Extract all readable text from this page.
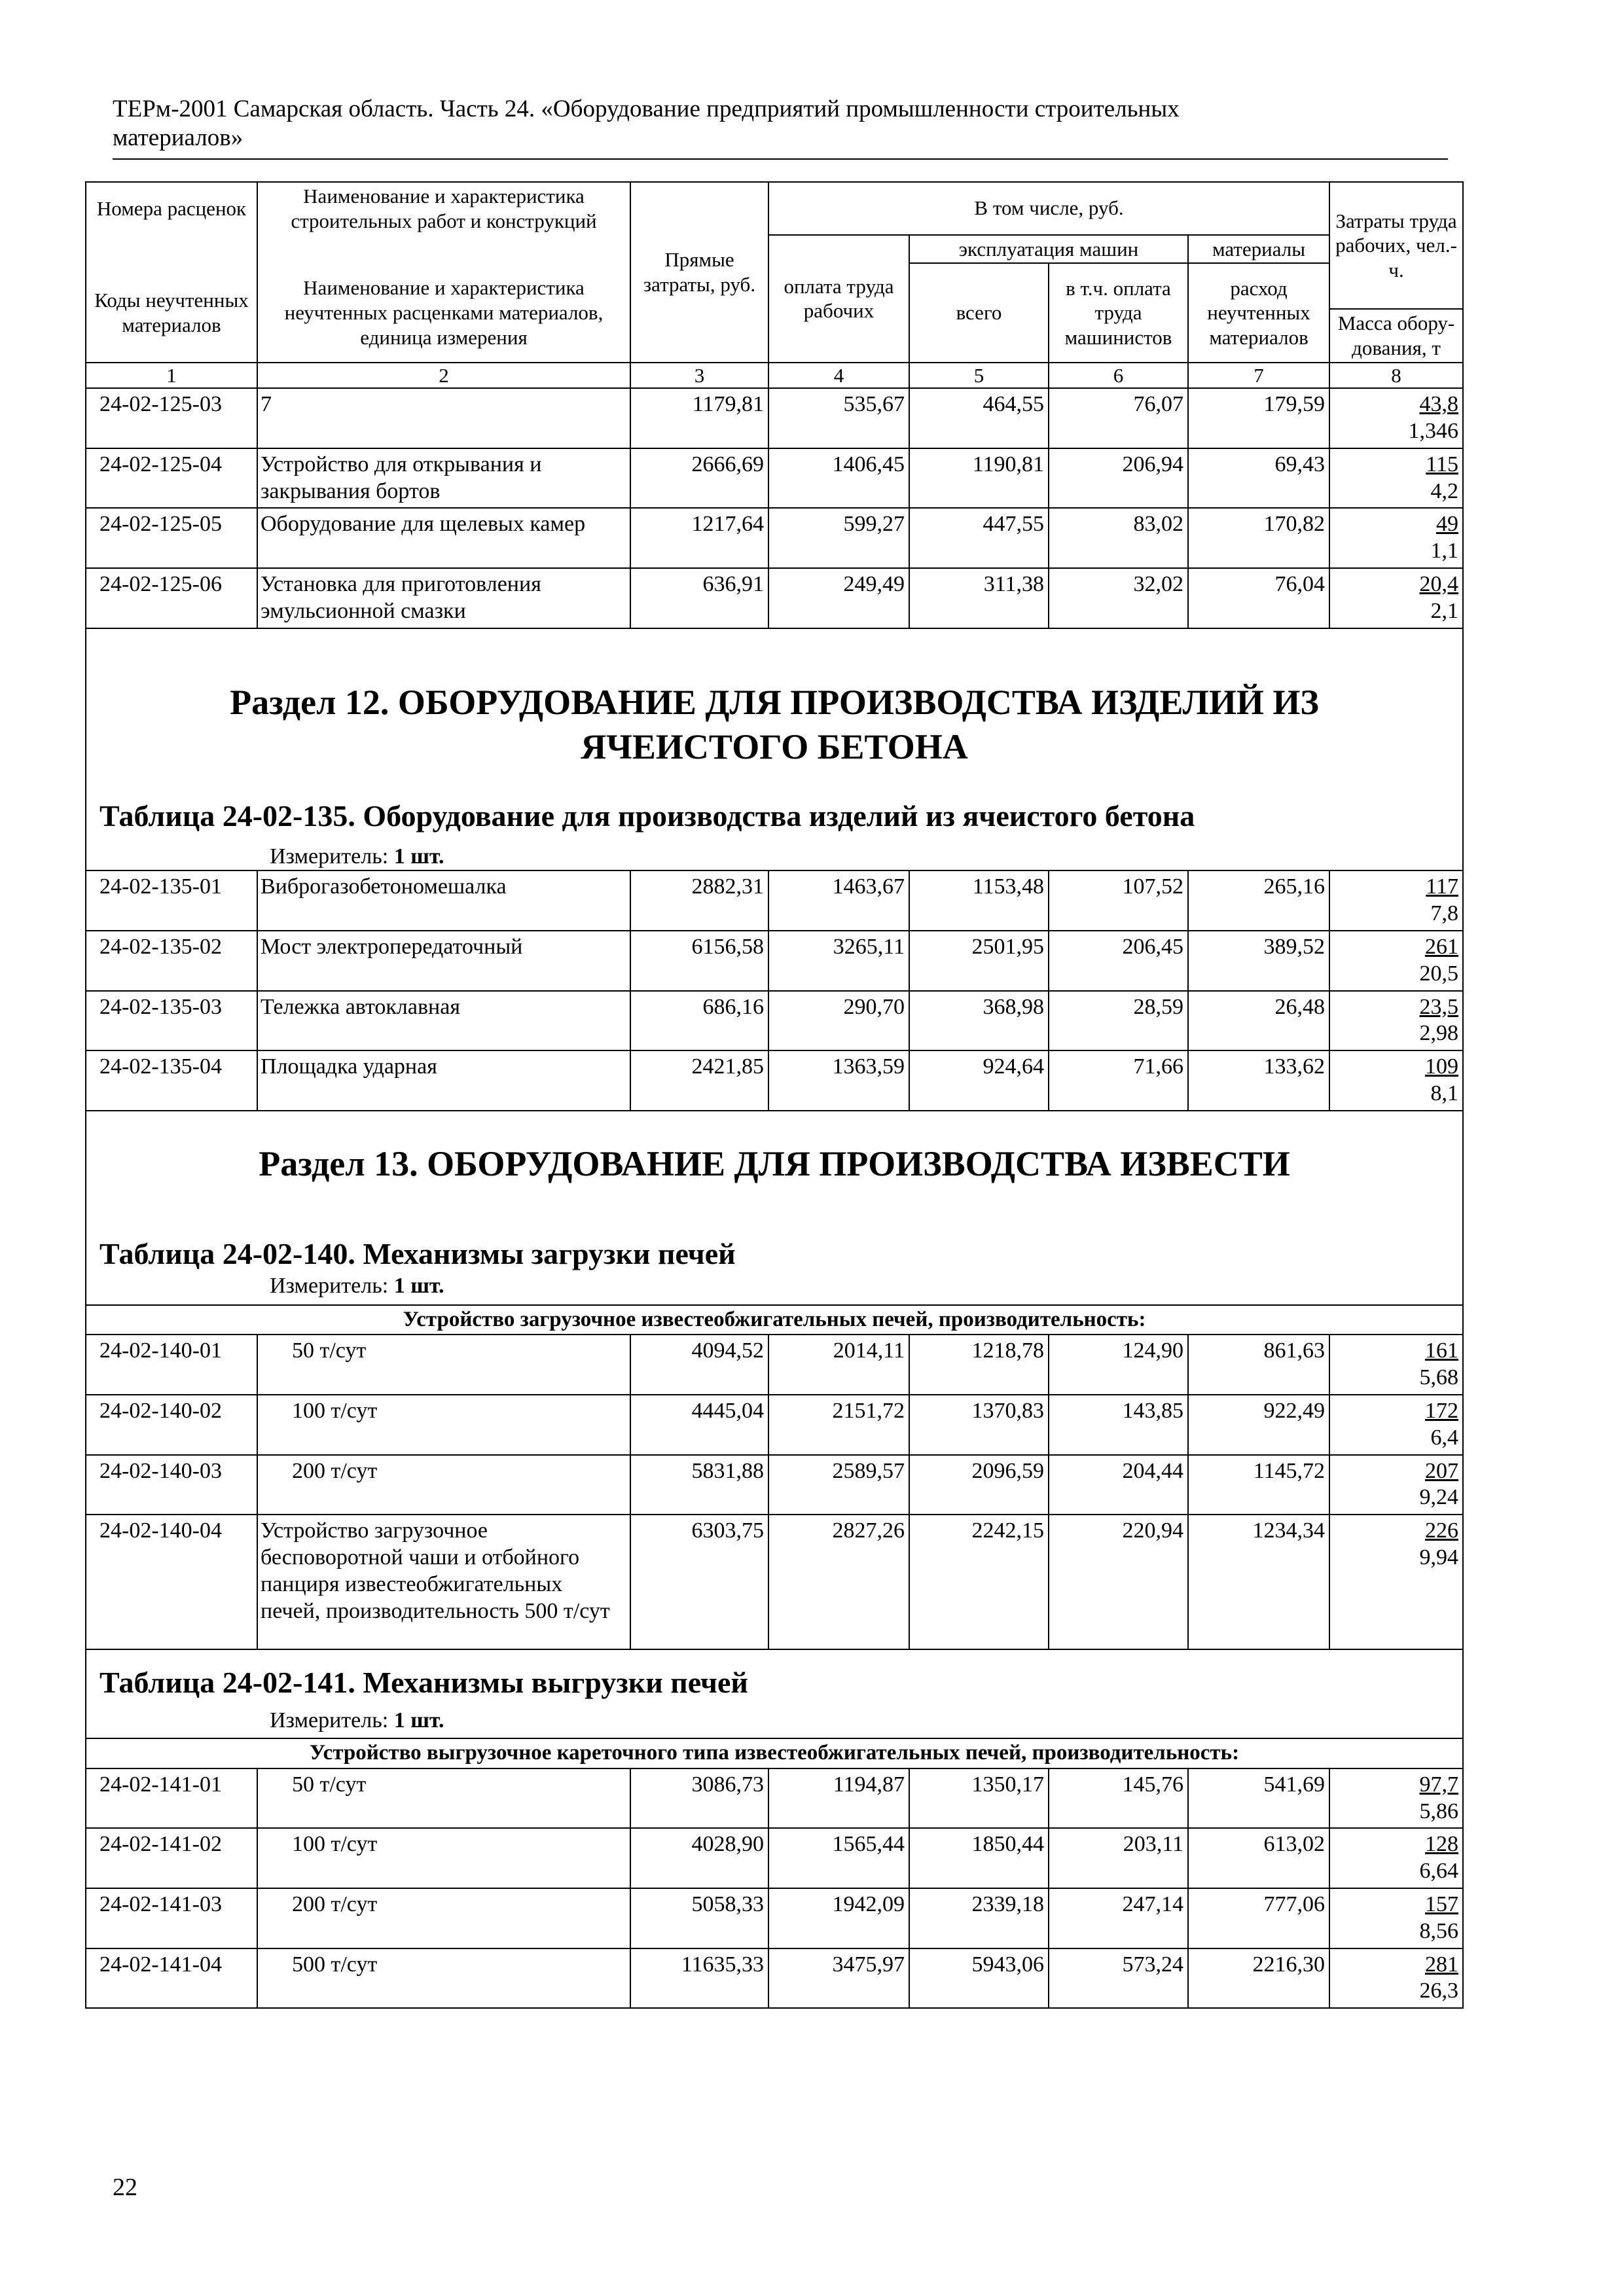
ТЕРм-2001 Самарская область. Часть 24. «Оборудование предприятий промышленности строительных
материалов»
Номера расценок	Наименование и характеристика строительных работ и конструкций	Прямые затраты, руб.	В том числе, руб.				Затраты труда рабочих, чел.-ч.
			оплата труда рабочих	эксплуатация машин		материалы	
Коды неучтенных материалов	Наименование и характеристика неучтенных расценками материалов, единица измерения			всего	в т.ч. оплата труда машинистов	расход неучтенных материалов	
							Масса обору-дования, т
1	2	3	4	5	6	7	8
24-02-125-03	7	1179,81	535,67	464,55	76,07	179,59	43,8
1,346

24-02-125-04	Устройство для открывания и закрывания бортов	2666,69	1406,45	1190,81	206,94	69,43	115
4,2

24-02-125-05	Оборудование для щелевых камер	1217,64	599,27	447,55	83,02	170,82	49
1,1

24-02-125-06	Установка для приготовления эмульсионной смазки	636,91	249,49	311,38	32,02	76,04	20,4
2,1

Раздел 12. ОБОРУДОВАНИЕ ДЛЯ ПРОИЗВОДСТВА ИЗДЕЛИЙ ИЗ ЯЧЕИСТОГО БЕТОНА							

Таблица 24-02-135. Оборудование для производства изделий из ячеистого бетона							

Измеритель: 1 шт.							

24-02-135-01	Виброгазобетономешалка	2882,31	1463,67	1153,48	107,52	265,16	117
7,8

24-02-135-02	Мост электропередаточный	6156,58	3265,11	2501,95	206,45	389,52	261
20,5

24-02-135-03	Тележка автоклавная	686,16	290,70	368,98	28,59	26,48	23,5
2,98

24-02-135-04	Площадка ударная	2421,85	1363,59	924,64	71,66	133,62	109
8,1

Раздел 13. ОБОРУДОВАНИЕ ДЛЯ ПРОИЗВОДСТВА ИЗВЕСТИ							

Таблица 24-02-140. Механизмы загрузки печей							

Измеритель: 1 шт.							

Устройство загрузочное известеобжигательных печей, производительность:							
24-02-140-01	50 т/сут	4094,52	2014,11	1218,78	124,90	861,63	161
5,68

24-02-140-02	100 т/сут	4445,04	2151,72	1370,83	143,85	922,49	172
6,4

24-02-140-03	200 т/сут	5831,88	2589,57	2096,59	204,44	1145,72	207
9,24

24-02-140-04	Устройство загрузочное бесповоротной чаши и отбойного панциря известеобжигательных печей, производительность 500 т/сут	6303,75	2827,26	2242,15	220,94	1234,34	226
9,94

Таблица 24-02-141. Механизмы выгрузки печей							

Измеритель: 1 шт.							

Устройство выгрузочное кареточного типа известеобжигательных печей, производительность:							
24-02-141-01	50 т/сут	3086,73	1194,87	1350,17	145,76	541,69	97,7
5,86

24-02-141-02	100 т/сут	4028,90	1565,44	1850,44	203,11	613,02	128
6,64

24-02-141-03	200 т/сут	5058,33	1942,09	2339,18	247,14	777,06	157
8,56

24-02-141-04	500 т/сут	11635,33	3475,97	5943,06	573,24	2216,30	281
26,3
22
